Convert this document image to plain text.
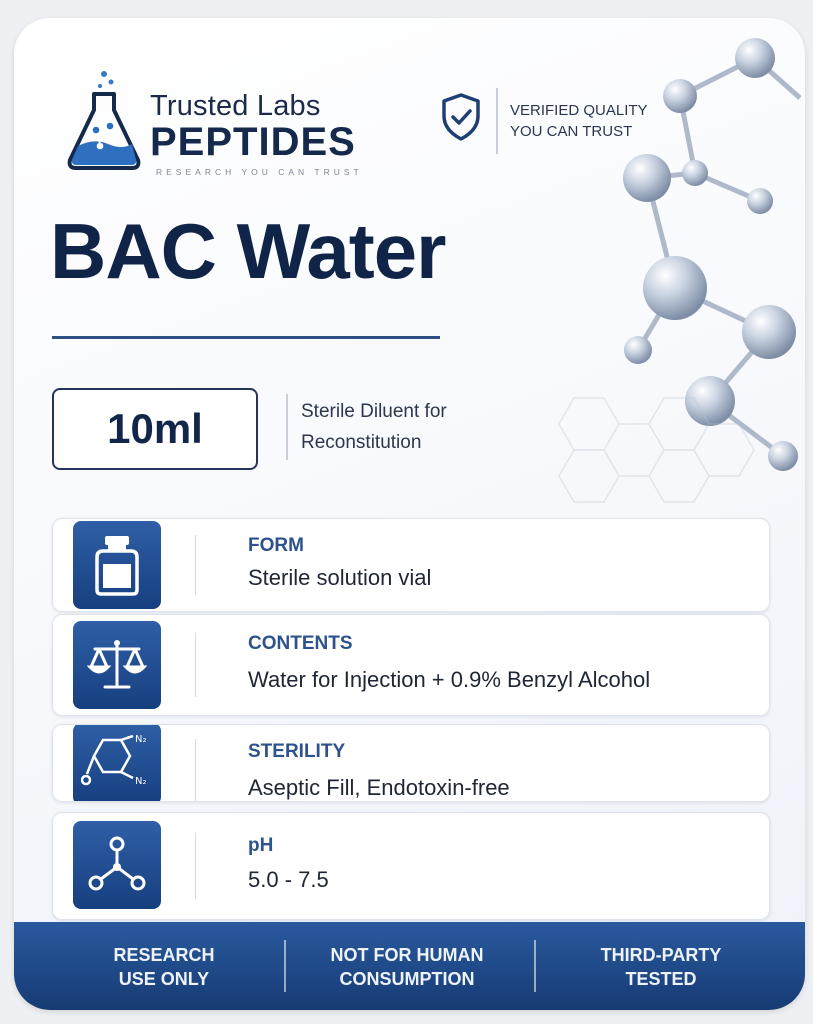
Trusted Labs
PEPTIDES
RESEARCH YOU CAN TRUST
VERIFIED QUALITY
YOU CAN TRUST
BAC Water
10ml	Sterile Diluent for
Reconstitution
FORM
Sterile solution vial
CONTENTS
Water for Injection + 0.9% Benzyl Alcohol
N₂
N₂
STERILITY
Aseptic Fill, Endotoxin-free
pH
5.0 - 7.5
RESEARCH
USE ONLY
NOT FOR HUMAN
CONSUMPTION
THIRD-PARTY
TESTED
